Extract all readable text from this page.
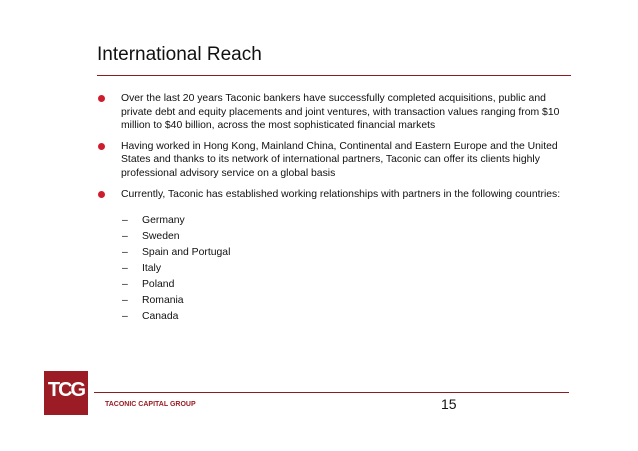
International Reach
Over the last 20 years Taconic bankers have successfully completed acquisitions, public and private debt and equity placements and joint ventures, with transaction values ranging from $10 million to $40 billion, across the most sophisticated financial markets
Having worked in Hong Kong, Mainland China, Continental and Eastern Europe and the United States and thanks to its network of international partners, Taconic can offer its clients highly professional advisory service on a global basis
Currently, Taconic has established working relationships with partners in the following countries:
– Germany
– Sweden
– Spain and Portugal
– Italy
– Poland
– Romania
– Canada
TCG
TACONIC CAPITAL GROUP	15
